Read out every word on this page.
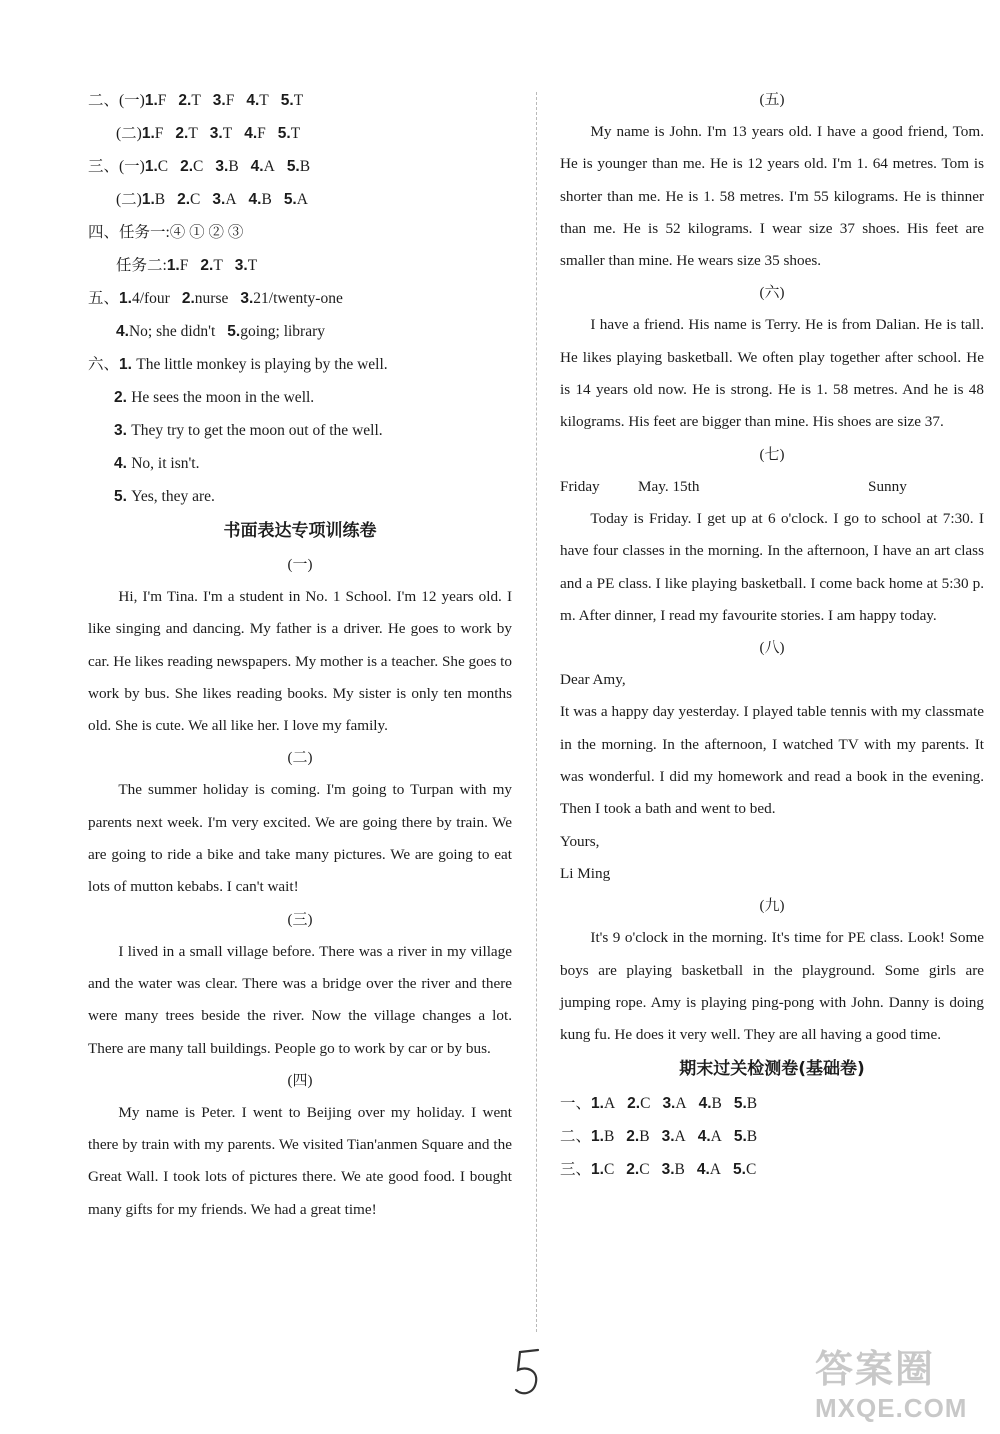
二、(一)1.F 2.T 3.F 4.T 5.T
(二)1.F 2.T 3.T 4.F 5.T
三、(一)1.C 2.C 3.B 4.A 5.B
(二)1.B 2.C 3.A 4.B 5.A
四、任务一:④ ① ② ③
任务二:1.F 2.T 3.T
五、1.4/four 2.nurse 3.21/twenty-one
4.No; she didn't 5.going; library
六、1. The little monkey is playing by the well.
2. He sees the moon in the well.
3. They try to get the moon out of the well.
4. No, it isn't.
5. Yes, they are.
书面表达专项训练卷
(一)

Hi, I'm Tina. I'm a student in No. 1 School. I'm 12 years old. I like singing and dancing. My father is a driver. He goes to work by car. He likes reading newspapers. My mother is a teacher. She goes to work by bus. She likes reading books. My sister is only ten months old. She is cute. We all like her. I love my family.

(二)

The summer holiday is coming. I'm going to Turpan with my parents next week. I'm very excited. We are going there by train. We are going to ride a bike and take many pictures. We are going to eat lots of mutton kebabs. I can't wait!

(三)

I lived in a small village before. There was a river in my village and the water was clear. There was a bridge over the river and there were many trees beside the river. Now the village changes a lot. There are many tall buildings. People go to work by car or by bus.

(四)

My name is Peter. I went to Beijing over my holiday. I went there by train with my parents. We visited Tian'anmen Square and the Great Wall. I took lots of pictures there. We ate good food. I bought many gifts for my friends. We had a great time!

(五)

My name is John. I'm 13 years old. I have a good friend, Tom. He is younger than me. He is 12 years old. I'm 1. 64 metres. Tom is shorter than me. He is 1. 58 metres. I'm 55 kilograms. He is thinner than me. He is 52 kilograms. I wear size 37 shoes. His feet are smaller than mine. He wears size 35 shoes.

(六)

I have a friend. His name is Terry. He is from Dalian. He is tall. He likes playing basketball. We often play together after school. He is 14 years old now. He is strong. He is 1. 58 metres. And he is 48 kilograms. His feet are bigger than mine. His shoes are size 37.

(七)
Friday	May. 15th	Sunny

Today is Friday. I get up at 6 o'clock. I go to school at 7:30. I have four classes in the morning. In the afternoon, I have an art class and a PE class. I like playing basketball. I come back home at 5:30 p. m. After dinner, I read my favourite stories. I am happy today.

(八)

Dear Amy,

It was a happy day yesterday. I played table tennis with my classmate in the morning. In the afternoon, I watched TV with my parents. It was wonderful. I did my homework and read a book in the evening. Then I took a bath and went to bed.

Yours,

Li Ming

(九)

It's 9 o'clock in the morning. It's time for PE class. Look! Some boys are playing basketball in the playground. Some girls are jumping rope. Amy is playing ping-pong with John. Danny is doing kung fu. He does it very well. They are all having a good time.

期末过关检测卷(基础卷)
一、1.A 2.C 3.A 4.B 5.B
二、1.B 2.B 3.A 4.A 5.B
三、1.C 2.C 3.B 4.A 5.C
答案圈
MXQE.COM
